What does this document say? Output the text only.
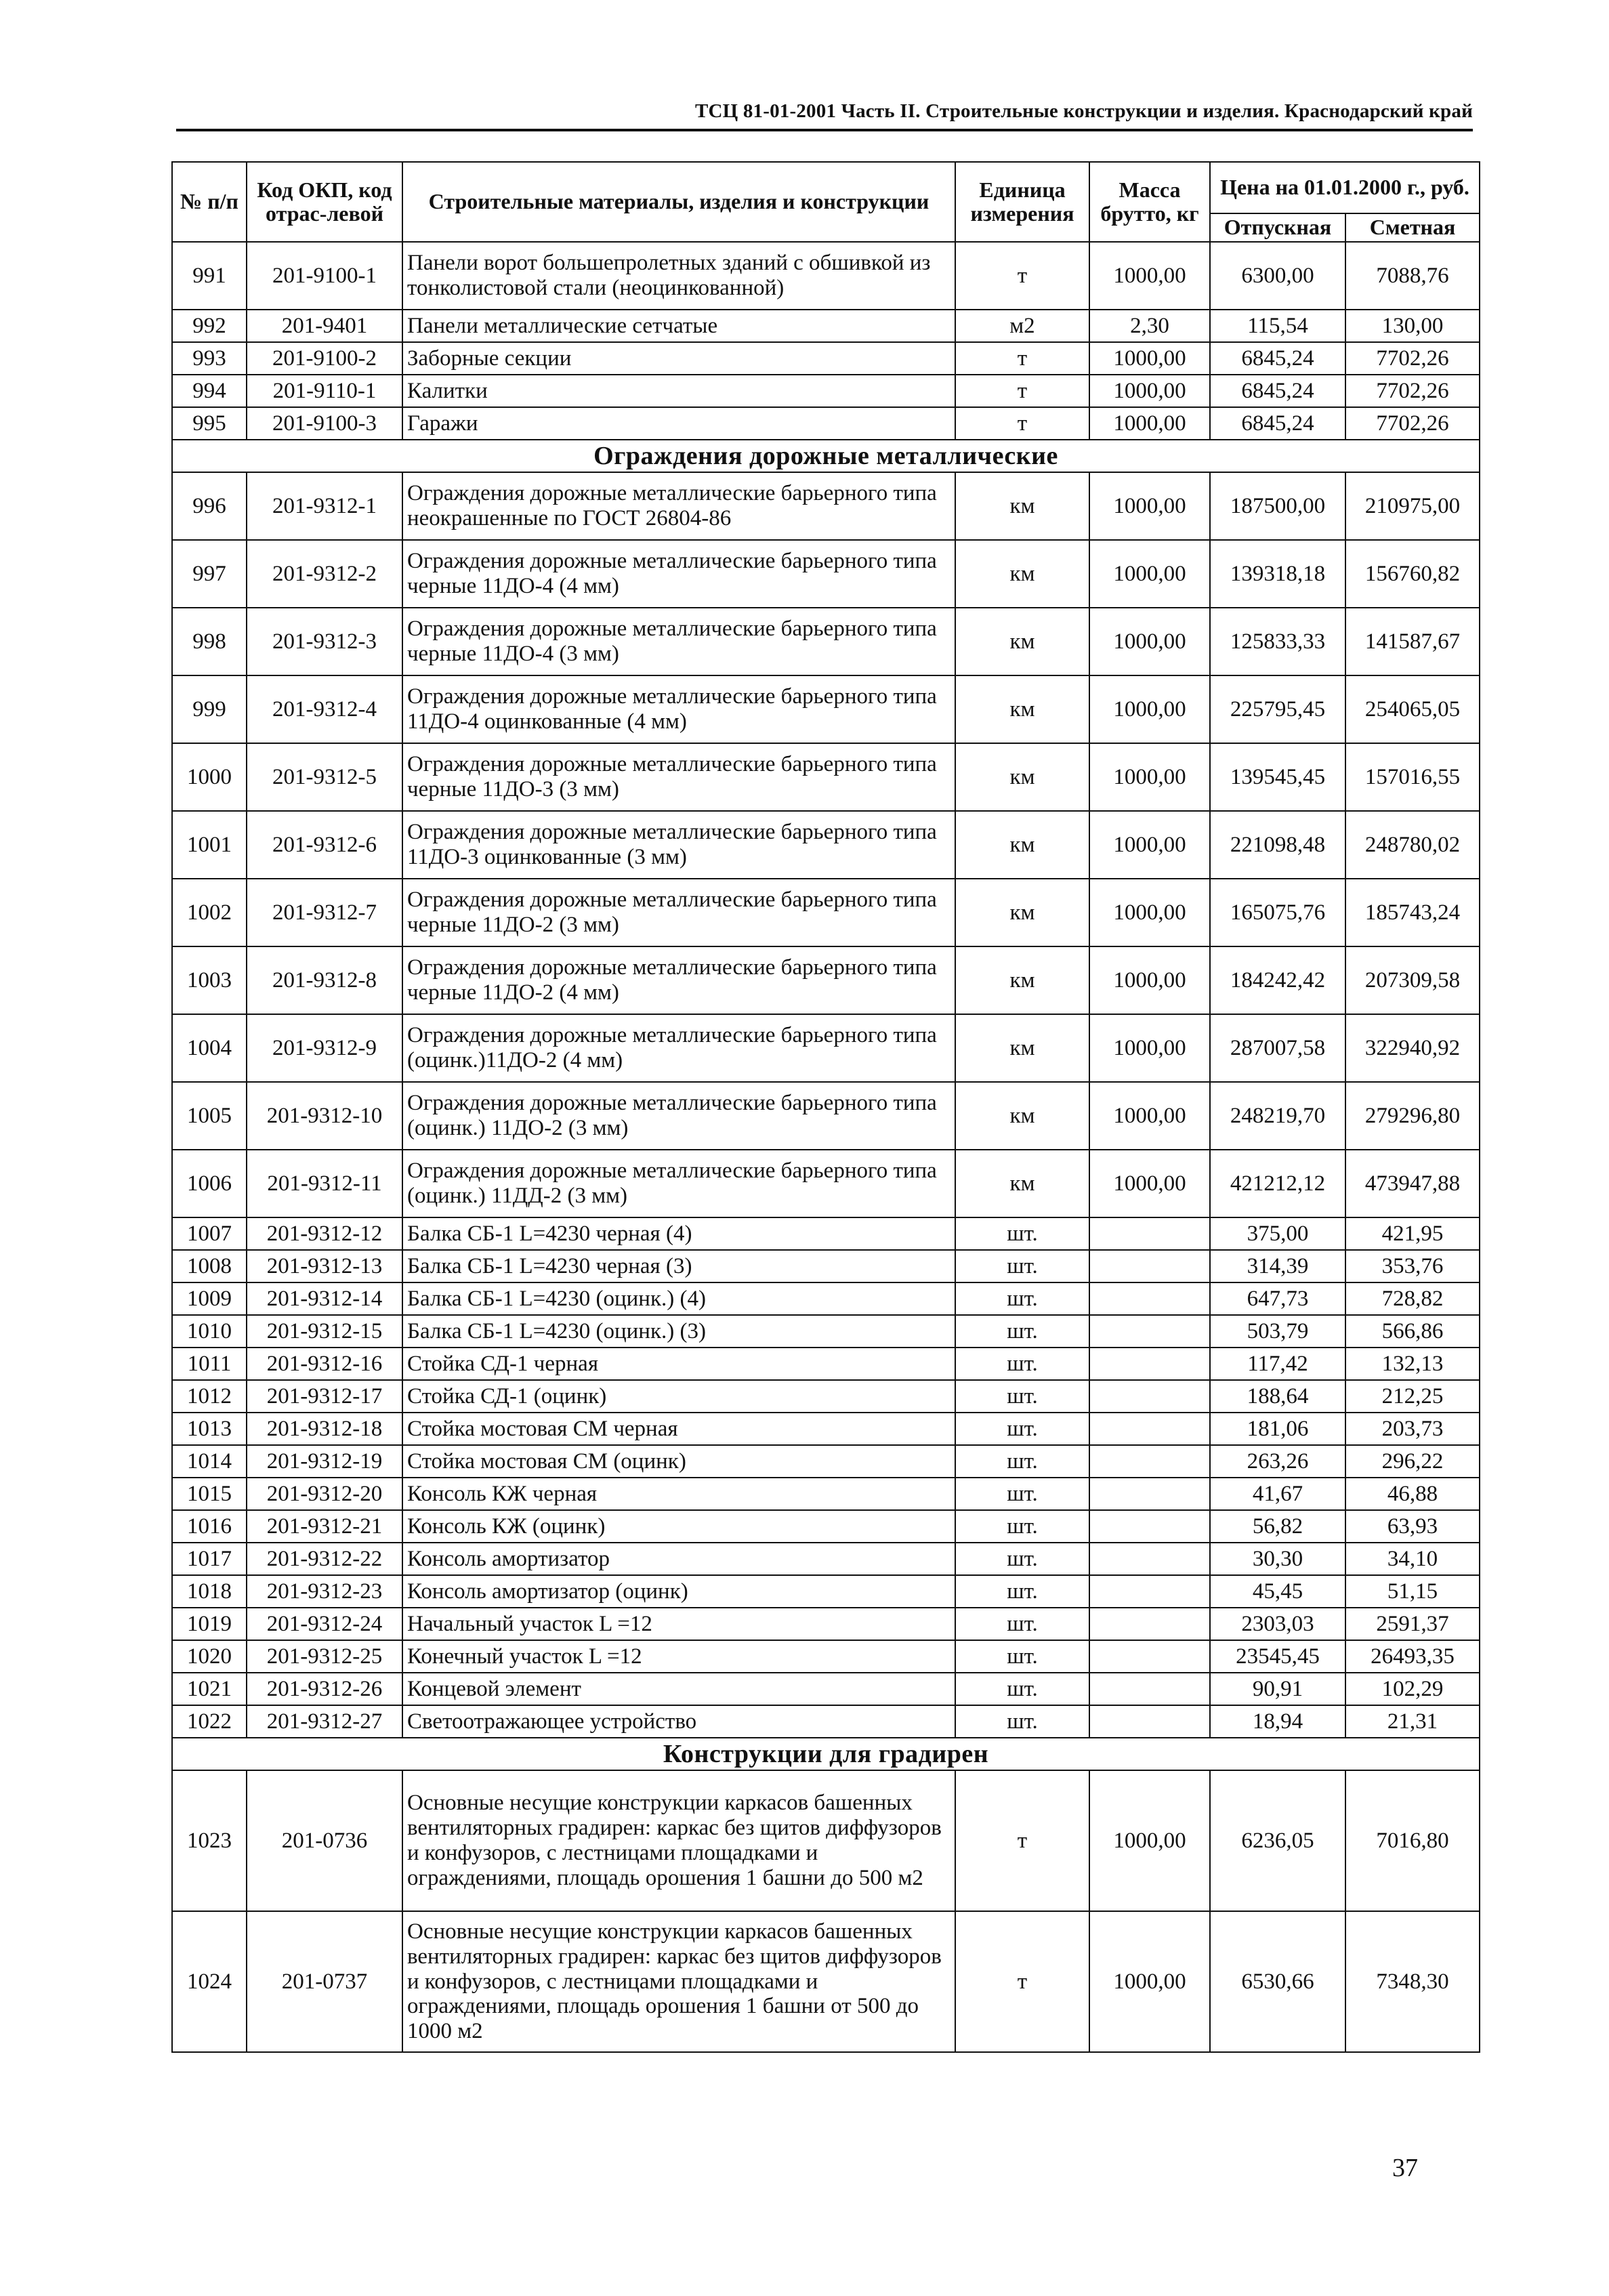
ТСЦ 81-01-2001 Часть II. Строительные конструкции и изделия. Краснодарский край
№ п/п	Код ОКП, код отрас-левой	Строительные материалы, изделия и конструкции	Единица измерения	Масса брутто, кг	Цена на 01.01.2000 г., руб.	
					Отпускная	Сметная
991	201-9100-1	Панели ворот большепролетных зданий с обшивкой из тонколистовой стали (неоцинкованной)	т	1000,00	6300,00	7088,76
992	201-9401	Панели металлические сетчатые	м2	2,30	115,54	130,00
993	201-9100-2	Заборные секции	т	1000,00	6845,24	7702,26
994	201-9110-1	Калитки	т	1000,00	6845,24	7702,26
995	201-9100-3	Гаражи	т	1000,00	6845,24	7702,26
Ограждения дорожные металлические						
996	201-9312-1	Ограждения дорожные металлические барьерного типа неокрашенные по ГОСТ 26804-86	км	1000,00	187500,00	210975,00
997	201-9312-2	Ограждения дорожные металлические барьерного типа черные 11ДО-4 (4 мм)	км	1000,00	139318,18	156760,82
998	201-9312-3	Ограждения дорожные металлические барьерного типа черные 11ДО-4 (3 мм)	км	1000,00	125833,33	141587,67
999	201-9312-4	Ограждения дорожные металлические барьерного типа 11ДО-4 оцинкованные (4 мм)	км	1000,00	225795,45	254065,05
1000	201-9312-5	Ограждения дорожные металлические барьерного типа черные 11ДО-3 (3 мм)	км	1000,00	139545,45	157016,55
1001	201-9312-6	Ограждения дорожные металлические барьерного типа 11ДО-3 оцинкованные (3 мм)	км	1000,00	221098,48	248780,02
1002	201-9312-7	Ограждения дорожные металлические барьерного типа черные 11ДО-2 (3 мм)	км	1000,00	165075,76	185743,24
1003	201-9312-8	Ограждения дорожные металлические барьерного типа черные 11ДО-2 (4 мм)	км	1000,00	184242,42	207309,58
1004	201-9312-9	Ограждения дорожные металлические барьерного типа (оцинк.)11ДО-2 (4 мм)	км	1000,00	287007,58	322940,92
1005	201-9312-10	Ограждения дорожные металлические барьерного типа (оцинк.) 11ДО-2 (3 мм)	км	1000,00	248219,70	279296,80
1006	201-9312-11	Ограждения дорожные металлические барьерного типа (оцинк.) 11ДД-2 (3 мм)	км	1000,00	421212,12	473947,88
1007	201-9312-12	Балка СБ-1 L=4230 черная (4)	шт.		375,00	421,95
1008	201-9312-13	Балка СБ-1 L=4230 черная (3)	шт.		314,39	353,76
1009	201-9312-14	Балка СБ-1 L=4230 (оцинк.) (4)	шт.		647,73	728,82
1010	201-9312-15	Балка СБ-1 L=4230 (оцинк.) (3)	шт.		503,79	566,86
1011	201-9312-16	Стойка СД-1 черная	шт.		117,42	132,13
1012	201-9312-17	Стойка СД-1 (оцинк)	шт.		188,64	212,25
1013	201-9312-18	Стойка мостовая СМ черная	шт.		181,06	203,73
1014	201-9312-19	Стойка мостовая СМ (оцинк)	шт.		263,26	296,22
1015	201-9312-20	Консоль КЖ черная	шт.		41,67	46,88
1016	201-9312-21	Консоль КЖ (оцинк)	шт.		56,82	63,93
1017	201-9312-22	Консоль амортизатор	шт.		30,30	34,10
1018	201-9312-23	Консоль амортизатор (оцинк)	шт.		45,45	51,15
1019	201-9312-24	Начальный участок L =12	шт.		2303,03	2591,37
1020	201-9312-25	Конечный участок L =12	шт.		23545,45	26493,35
1021	201-9312-26	Концевой элемент	шт.		90,91	102,29
1022	201-9312-27	Светоотражающее устройство	шт.		18,94	21,31
Конструкции для градирен						
1023	201-0736	Основные несущие конструкции каркасов башенных вентиляторных градирен: каркас без щитов диффузоров и конфузоров, с лестницами площадками и ограждениями, площадь орошения 1 башни до 500 м2	т	1000,00	6236,05	7016,80
1024	201-0737	Основные несущие конструкции каркасов башенных вентиляторных градирен: каркас без щитов диффузоров и конфузоров, с лестницами площадками и ограждениями, площадь орошения 1 башни от 500 до 1000 м2	т	1000,00	6530,66	7348,30
37
